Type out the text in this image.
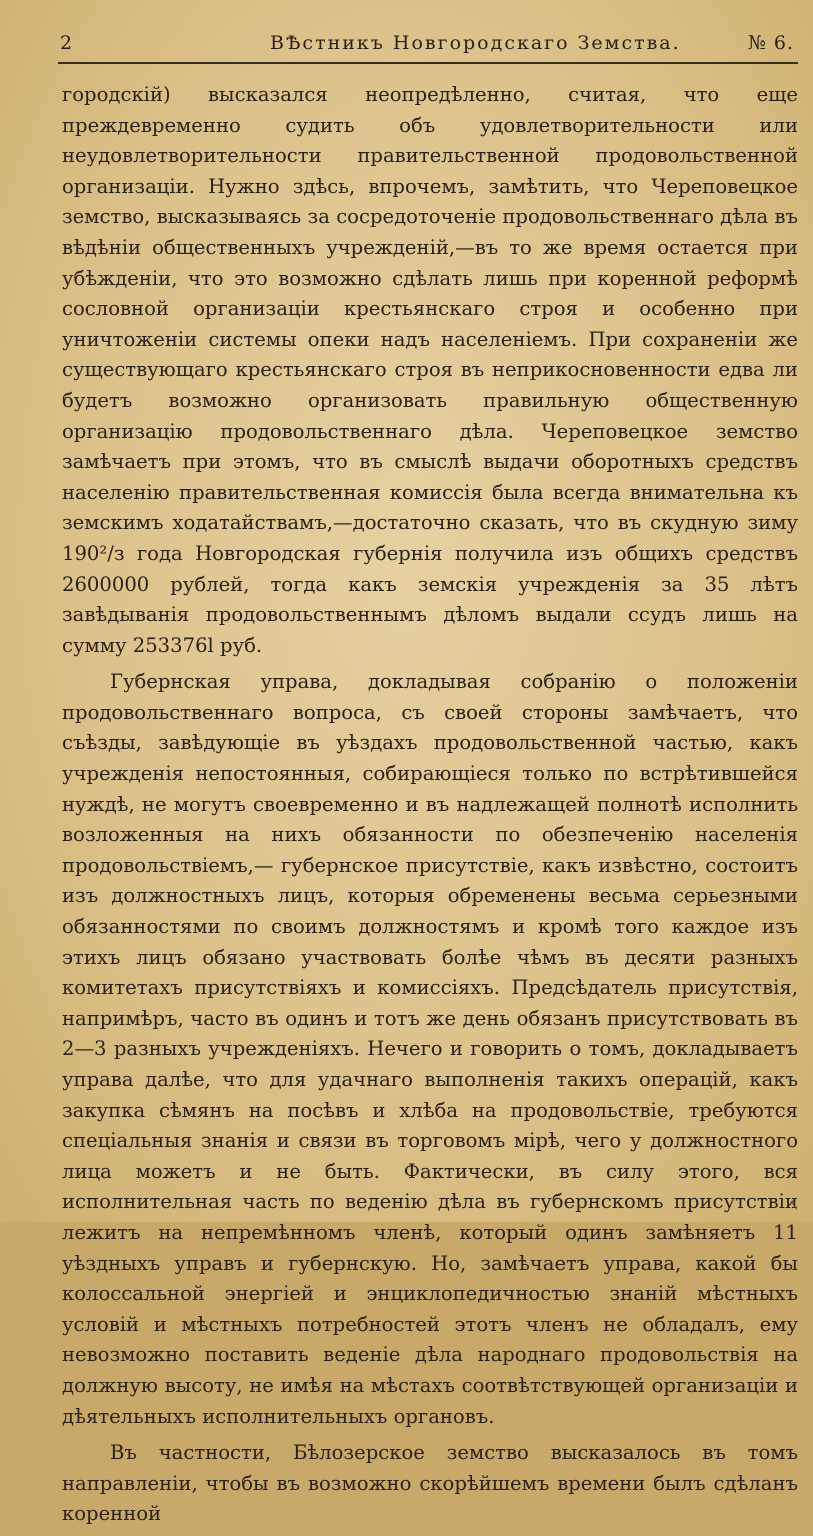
2	ВѢстникъ Новгородскаго Земства.	№ 6.

городскій) высказался неопредѣленно, считая, что еще преждевременно судить объ удовлетворительности или неудовлетворительности правительственной продовольственной организаціи. Нужно здѣсь, впрочемъ, замѣтить, что Череповецкое земство, высказываясь за сосредоточеніе продовольственнаго дѣла въ вѣдѣніи общественныхъ учрежденій,—въ то же время остается при убѣжденіи, что это возможно сдѣлать лишь при коренной реформѣ сословной организаціи крестьянскаго строя и особенно при уничтоженіи системы опеки надъ населеніемъ. При сохраненіи же существующаго крестьянскаго строя въ неприкосновенности едва ли будетъ возможно организовать правильную общественную организацію продовольственнаго дѣла. Череповецкое земство замѣчаетъ при этомъ, что въ смыслѣ выдачи оборотныхъ средствъ населенію правительственная комиссія была всегда внимательна къ земскимъ ходатайствамъ,—достаточно сказать, что въ скудную зиму 190²/з года Новгородская губернія получила изъ общихъ средствъ 2600000 рублей, тогда какъ земскія учрежденія за 35 лѣтъ завѣдыванія продовольственнымъ дѣломъ выдали ссудъ лишь на сумму 253376l руб.

Губернская управа, докладывая собранію о положеніи продовольственнаго вопроса, съ своей стороны замѣчаетъ, что съѣзды, завѣдующіе въ уѣздахъ продовольственной частью, какъ учрежденія непостоянныя, собирающіеся только по встрѣтившейся нуждѣ, не могутъ своевременно и въ надлежащей полнотѣ исполнить возложенныя на нихъ обязанности по обезпеченію населенія продовольствіемъ,— губернское присутствіе, какъ извѣстно, состоитъ изъ должностныхъ лицъ, которыя обременены весьма серьезными обязанностями по своимъ должностямъ и кромѣ того каждое изъ этихъ лицъ обязано участвовать болѣе чѣмъ въ десяти разныхъ комитетахъ присутствіяхъ и комиссіяхъ. Предсѣдатель присутствія, напримѣръ, часто въ одинъ и тотъ же день обязанъ присутствовать въ 2—3 разныхъ учрежденіяхъ. Нечего и говорить о томъ, докладываетъ управа далѣе, что для удачнаго выполненія такихъ операцій, какъ закупка сѣмянъ на посѣвъ и хлѣба на продовольствіе, требуются спеціальныя знанія и связи въ торговомъ мірѣ, чего у должностного лица можетъ и не быть. Фактически, въ силу этого, вся исполнительная часть по веденію дѣла въ губернскомъ присутствіи лежитъ на непремѣнномъ членѣ, который одинъ замѣняетъ 11 уѣздныхъ управъ и губернскую. Но, замѣчаетъ управа, какой бы колоссальной энергіей и энциклопедичностью знаній мѣстныхъ условій и мѣстныхъ потребностей этотъ членъ не обладалъ, ему невозможно поставить веденіе дѣла народнаго продовольствія на должную высоту, не имѣя на мѣстахъ соотвѣтствующей организаціи и дѣятельныхъ исполнительныхъ органовъ.

Въ частности, Бѣлозерское земство высказалось въ томъ направленіи, чтобы въ возможно скорѣйшемъ времени былъ сдѣланъ коренной
